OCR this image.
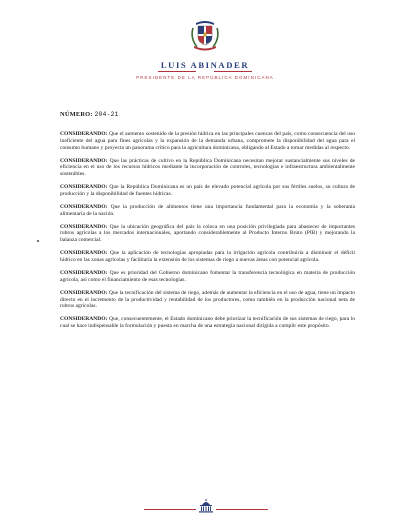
LUIS ABINADER
PRESIDENTE DE LA REPÚBLICA DOMINICANA
NÚMERO: 204-21

CONSIDERANDO: Que el aumento sostenido de la presión hídrica en las principales cuencas del país, como consecuencia del uso ineficiente del agua para fines agrícolas y la expansión de la demanda urbana, compromete la disponibilidad del agua para el consumo humano y proyecta un panorama crítico para la agricultura dominicana, obligando al Estado a tomar medidas al respecto.

CONSIDERANDO: Que las prácticas de cultivo en la República Dominicana necesitan mejorar sustancialmente sus niveles de eficiencia en el uso de los recursos hídricos mediante la incorporación de controles, tecnologías e infraestructura ambientalmente sostenibles.

CONSIDERANDO: Que la República Dominicana es un país de elevado potencial agrícola por sus fértiles suelos, su cultura de producción y la disponibilidad de fuentes hídricas.

CONSIDERANDO: Que la producción de alimentos tiene una importancia fundamental para la economía y la soberanía alimentaria de la nación.

CONSIDERANDO: Que la ubicación geográfica del país la coloca en una posición privilegiada para abastecer de importantes rubros agrícolas a los mercados internacionales, aportando considerablemente al Producto Interno Bruto (PIB) y mejorando la balanza comercial.

CONSIDERANDO: Que la aplicación de tecnologías apropiadas para la irrigación agrícola contribuiría a disminuir el déficit hídrico en las zonas agrícolas y facilitaría la extensión de los sistemas de riego a nuevas áreas con potencial agrícola.

CONSIDERANDO: Que es prioridad del Gobierno dominicano fomentar la transferencia tecnológica en materia de producción agrícola, así como el financiamiento de esas tecnologías.

CONSIDERANDO: Que la tecnificación del sistema de riego, además de aumentar la eficiencia en el uso de agua, tiene un impacto directo en el incremento de la productividad y rentabilidad de los productores, como también en la producción nacional neta de rubros agrícolas.

CONSIDERANDO: Que, consecuentemente, el Estado dominicano debe priorizar la tecnificación de sus sistemas de riego, para lo cual se hace indispensable la formulación y puesta en marcha de una estrategia nacional dirigida a cumplir este propósito.
